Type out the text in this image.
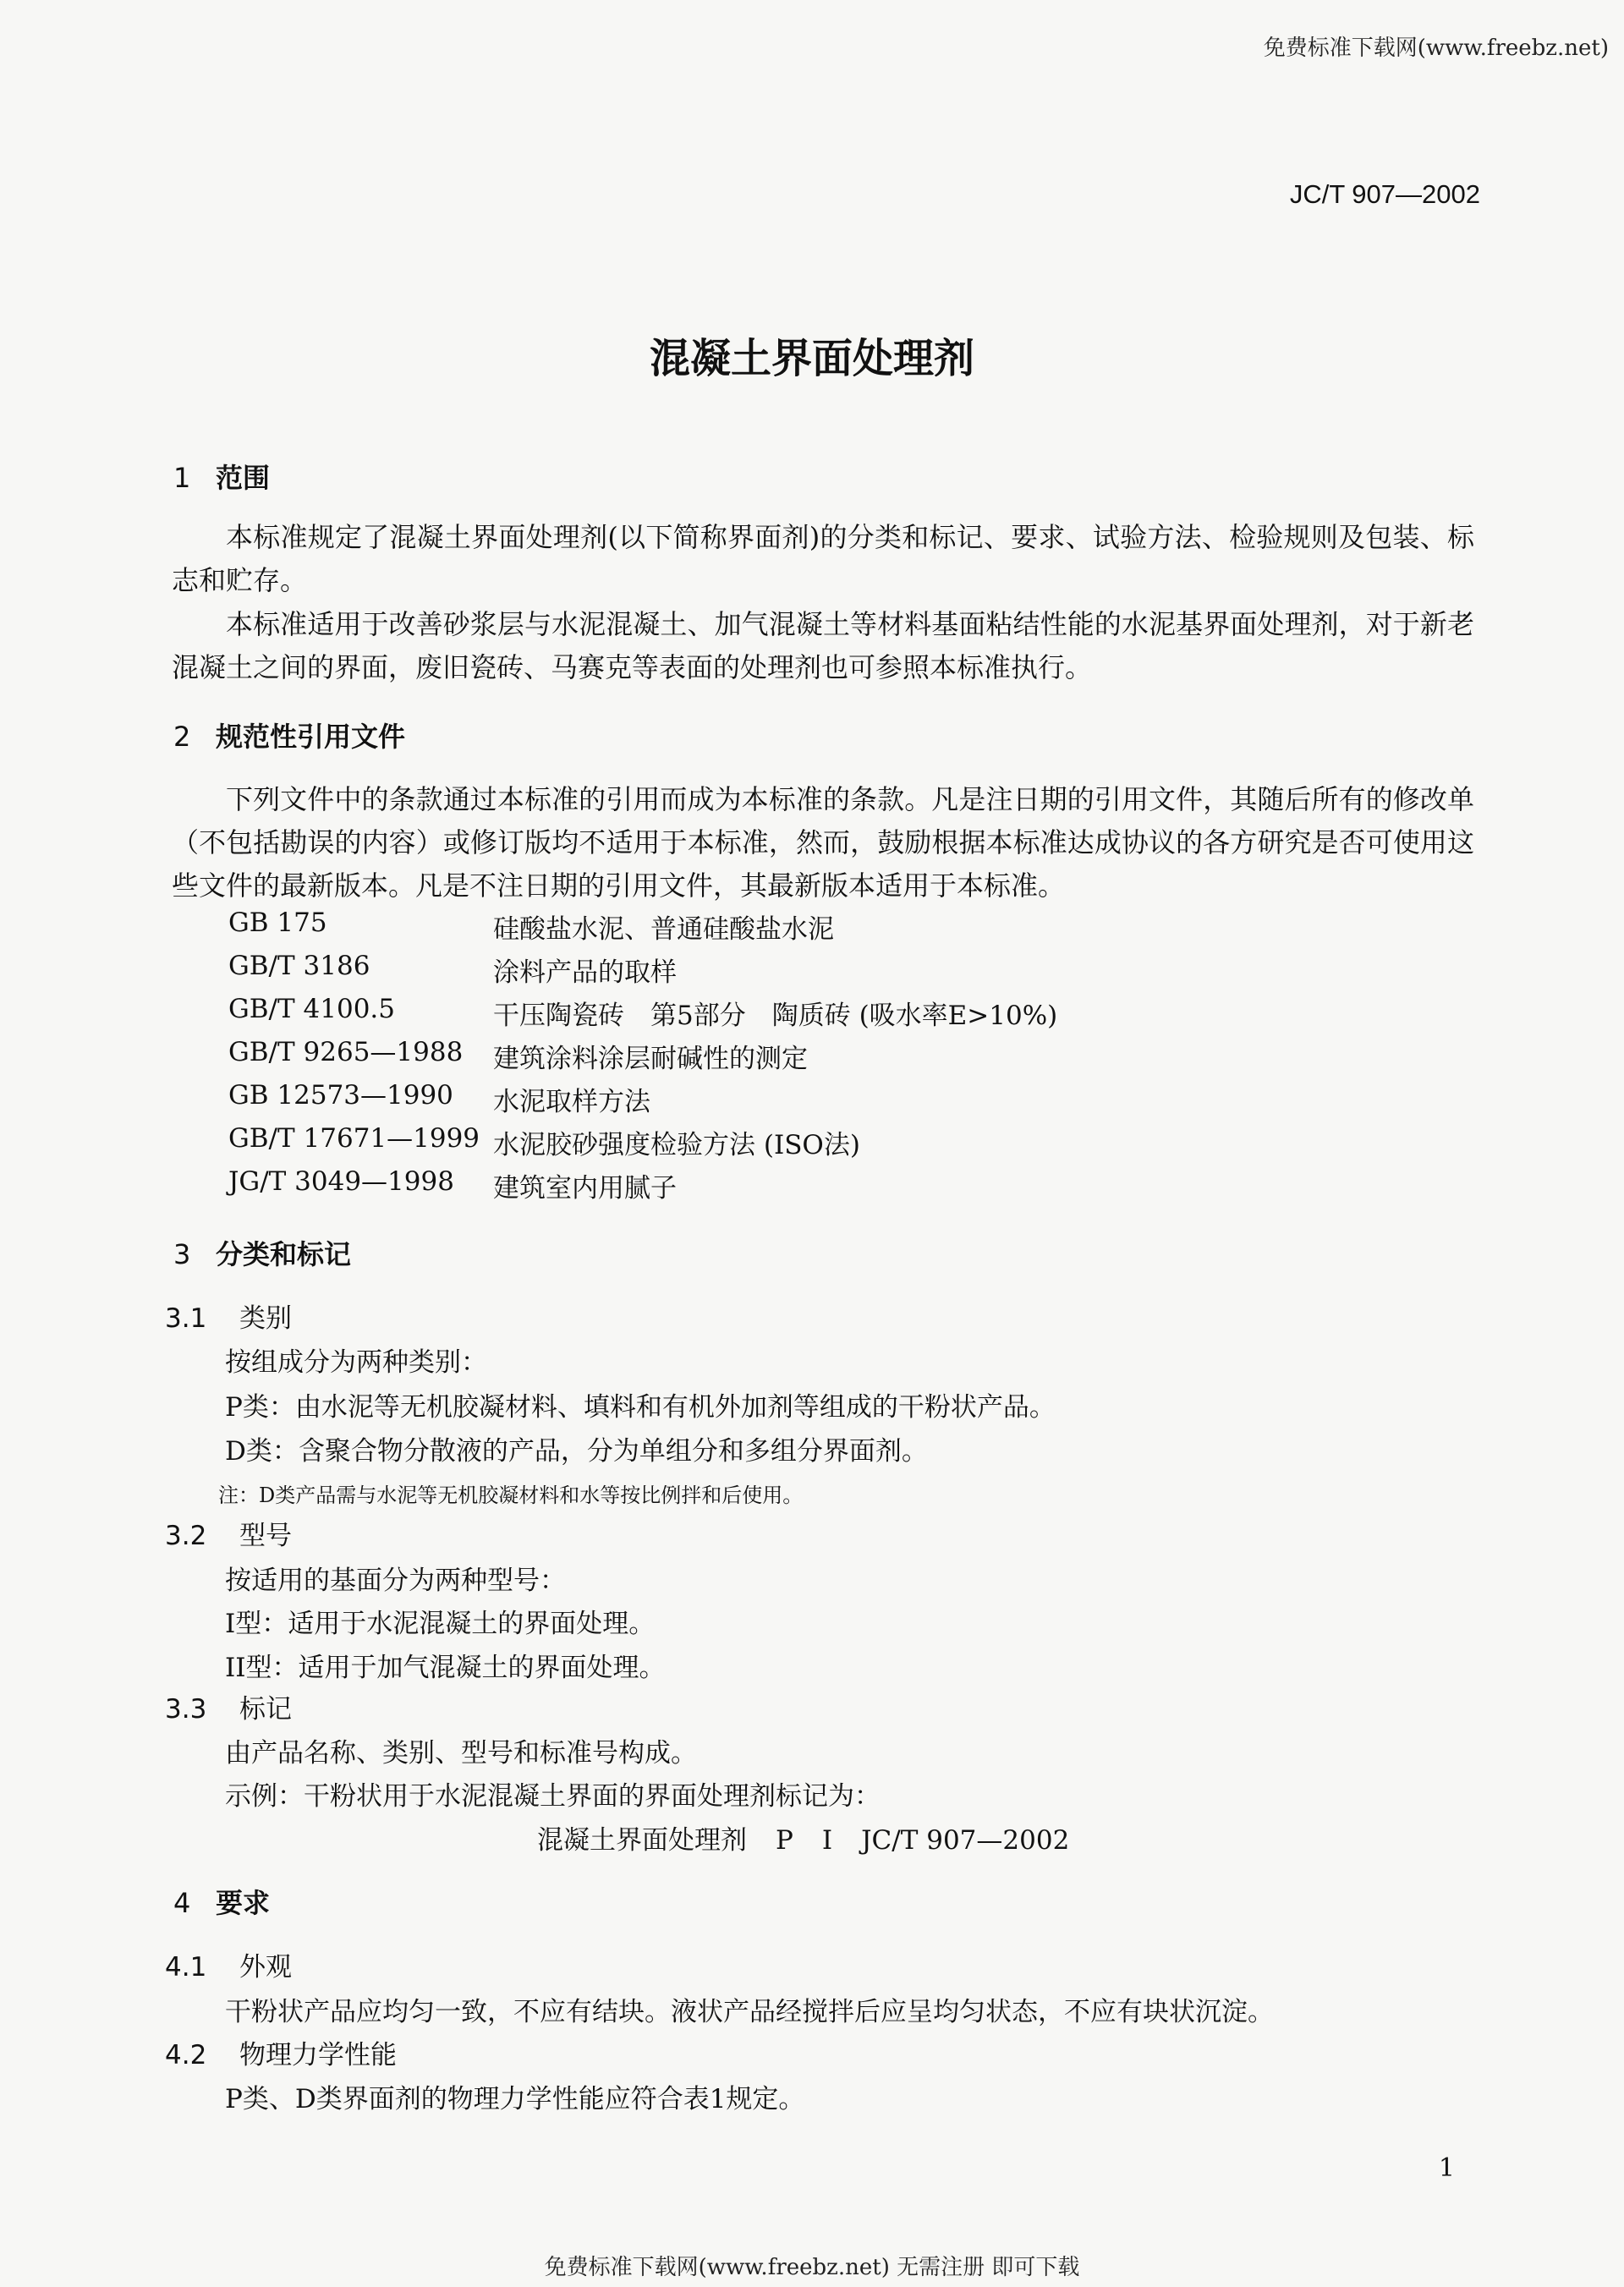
免费标准下载网(www.freebz.net)
JC/T 907—2002
混凝土界面处理剂
1 范围
本标准规定了混凝土界面处理剂(以下简称界面剂)的分类和标记、要求、试验方法、检验规则及包装、标志和贮存。
本标准适用于改善砂浆层与水泥混凝土、加气混凝土等材料基面粘结性能的水泥基界面处理剂，对于新老混凝土之间的界面，废旧瓷砖、马赛克等表面的处理剂也可参照本标准执行。
2 规范性引用文件
下列文件中的条款通过本标准的引用而成为本标准的条款。凡是注日期的引用文件，其随后所有的修改单（不包括勘误的内容）或修订版均不适用于本标准，然而，鼓励根据本标准达成协议的各方研究是否可使用这些文件的最新版本。凡是不注日期的引用文件，其最新版本适用于本标准。
GB 175	硅酸盐水泥、普通硅酸盐水泥
GB/T 3186	涂料产品的取样
GB/T 4100.5	干压陶瓷砖　第5部分　陶质砖 (吸水率E>10%)
GB/T 9265—1988 建筑涂料涂层耐碱性的测定
GB 12573—1990 水泥取样方法
GB/T 17671—1999 水泥胶砂强度检验方法 (ISO法)
JG/T 3049—1998 建筑室内用腻子
3 分类和标记
3.1 类别
按组成分为两种类别：
P类：由水泥等无机胶凝材料、填料和有机外加剂等组成的干粉状产品。
D类：含聚合物分散液的产品，分为单组分和多组分界面剂。
注：D类产品需与水泥等无机胶凝材料和水等按比例拌和后使用。
3.2 型号
按适用的基面分为两种型号：
I型：适用于水泥混凝土的界面处理。
II型：适用于加气混凝土的界面处理。
3.3 标记
由产品名称、类别、型号和标准号构成。
示例：干粉状用于水泥混凝土界面的界面处理剂标记为：
混凝土界面处理剂 P I JC/T 907—2002
4 要求
4.1 外观
干粉状产品应均匀一致，不应有结块。液状产品经搅拌后应呈均匀状态，不应有块状沉淀。
4.2 物理力学性能
P类、D类界面剂的物理力学性能应符合表1规定。
1
免费标准下载网(www.freebz.net) 无需注册 即可下载
